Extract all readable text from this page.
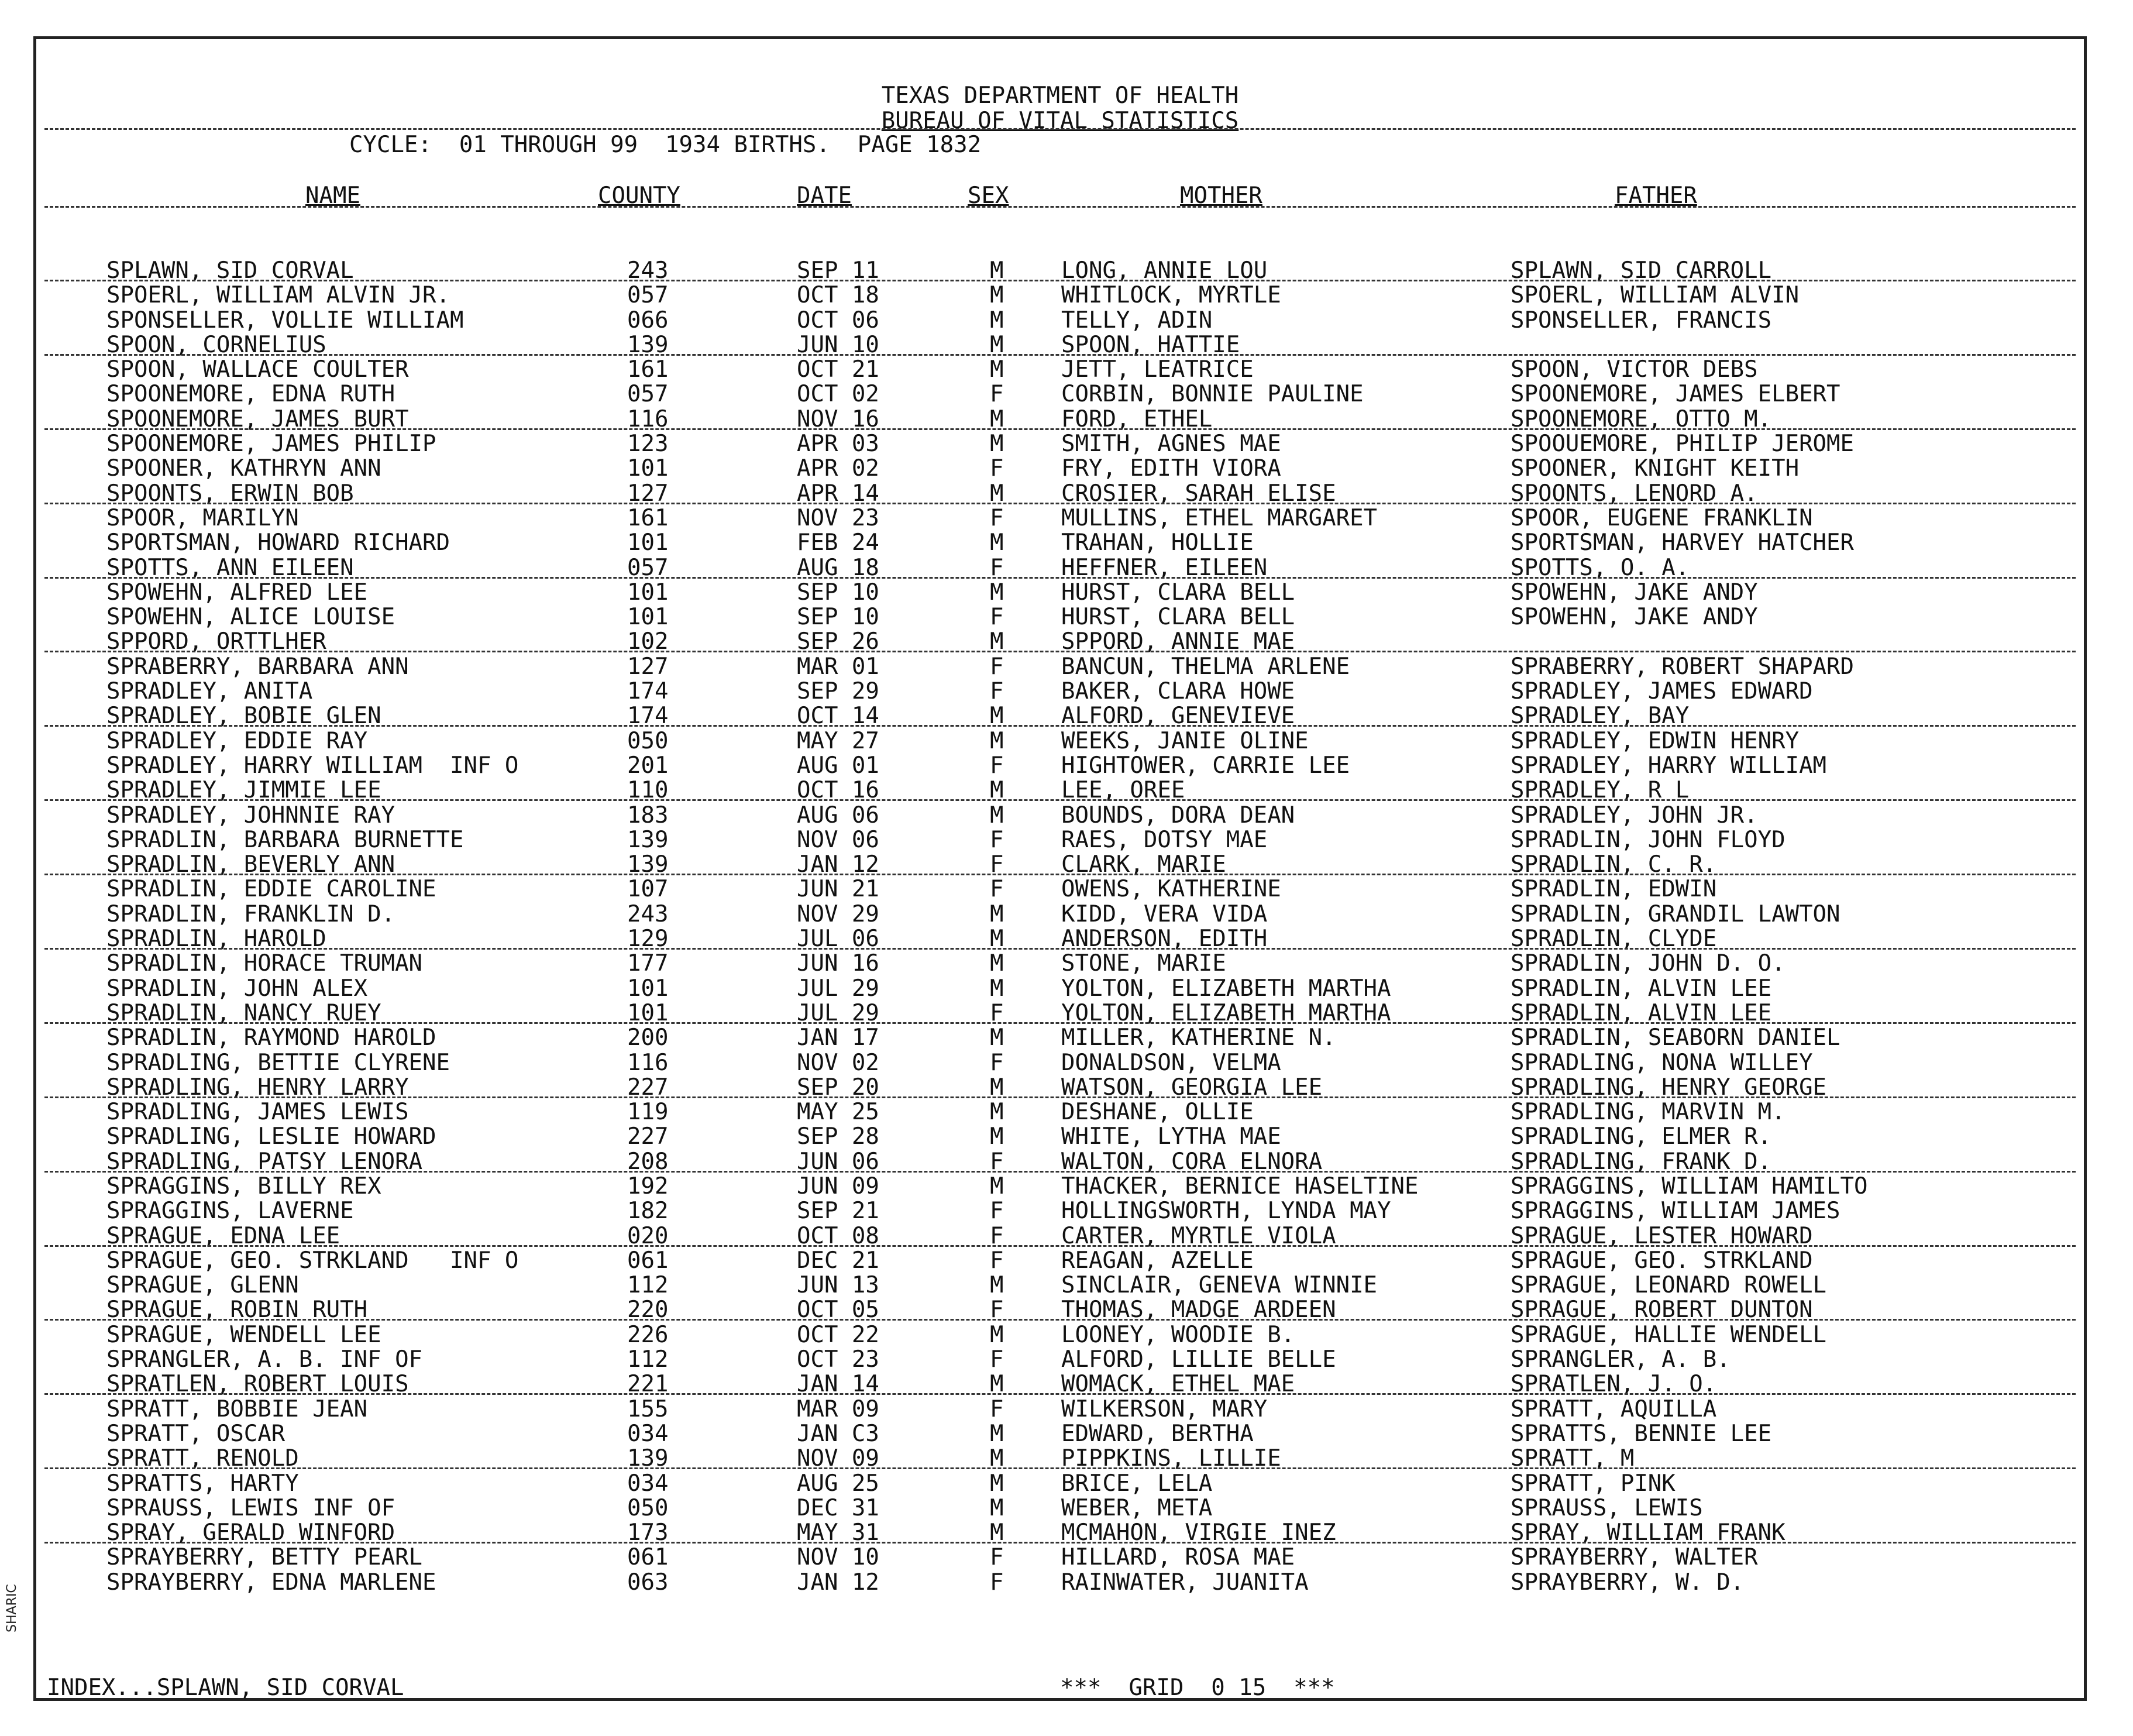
TEXAS DEPARTMENT OF HEALTH
BUREAU OF VITAL STATISTICS
CYCLE:  01 THROUGH 99  1934 BIRTHS.  PAGE 1832
NAME	COUNTY	DATE	SEX	MOTHER	FATHER
SPLAWN, SID CORVAL	243	SEP 11	M	LONG, ANNIE LOU	SPLAWN, SID CARROLL
SPOERL, WILLIAM ALVIN JR.	057	OCT 18	M	WHITLOCK, MYRTLE	SPOERL, WILLIAM ALVIN
SPONSELLER, VOLLIE WILLIAM	066	OCT 06	M	TELLY, ADIN	SPONSELLER, FRANCIS
SPOON, CORNELIUS	139	JUN 10	M	SPOON, HATTIE
SPOON, WALLACE COULTER	161	OCT 21	M	JETT, LEATRICE	SPOON, VICTOR DEBS
SPOONEMORE, EDNA RUTH	057	OCT 02	F	CORBIN, BONNIE PAULINE	SPOONEMORE, JAMES ELBERT
SPOONEMORE, JAMES BURT	116	NOV 16	M	FORD, ETHEL	SPOONEMORE, OTTO M.
SPOONEMORE, JAMES PHILIP	123	APR 03	M	SMITH, AGNES MAE	SPOOUEMORE, PHILIP JEROME
SPOONER, KATHRYN ANN	101	APR 02	F	FRY, EDITH VIORA	SPOONER, KNIGHT KEITH
SPOONTS, ERWIN BOB	127	APR 14	M	CROSIER, SARAH ELISE	SPOONTS, LENORD A.
SPOOR, MARILYN	161	NOV 23	F	MULLINS, ETHEL MARGARET	SPOOR, EUGENE FRANKLIN
SPORTSMAN, HOWARD RICHARD	101	FEB 24	M	TRAHAN, HOLLIE	SPORTSMAN, HARVEY HATCHER
SPOTTS, ANN EILEEN	057	AUG 18	F	HEFFNER, EILEEN	SPOTTS, O. A.
SPOWEHN, ALFRED LEE	101	SEP 10	M	HURST, CLARA BELL	SPOWEHN, JAKE ANDY
SPOWEHN, ALICE LOUISE	101	SEP 10	F	HURST, CLARA BELL	SPOWEHN, JAKE ANDY
SPPORD, ORTTLHER	102	SEP 26	M	SPPORD, ANNIE MAE
SPRABERRY, BARBARA ANN	127	MAR 01	F	BANCUN, THELMA ARLENE	SPRABERRY, ROBERT SHAPARD
SPRADLEY, ANITA	174	SEP 29	F	BAKER, CLARA HOWE	SPRADLEY, JAMES EDWARD
SPRADLEY, BOBIE GLEN	174	OCT 14	M	ALFORD, GENEVIEVE	SPRADLEY, BAY
SPRADLEY, EDDIE RAY	050	MAY 27	M	WEEKS, JANIE OLINE	SPRADLEY, EDWIN HENRY
SPRADLEY, HARRY WILLIAM  INF O	201	AUG 01	F	HIGHTOWER, CARRIE LEE	SPRADLEY, HARRY WILLIAM
SPRADLEY, JIMMIE LEE	110	OCT 16	M	LEE, OREE	SPRADLEY, R L
SPRADLEY, JOHNNIE RAY	183	AUG 06	M	BOUNDS, DORA DEAN	SPRADLEY, JOHN JR.
SPRADLIN, BARBARA BURNETTE	139	NOV 06	F	RAES, DOTSY MAE	SPRADLIN, JOHN FLOYD
SPRADLIN, BEVERLY ANN	139	JAN 12	F	CLARK, MARIE	SPRADLIN, C. R.
SPRADLIN, EDDIE CAROLINE	107	JUN 21	F	OWENS, KATHERINE	SPRADLIN, EDWIN
SPRADLIN, FRANKLIN D.	243	NOV 29	M	KIDD, VERA VIDA	SPRADLIN, GRANDIL LAWTON
SPRADLIN, HAROLD	129	JUL 06	M	ANDERSON, EDITH	SPRADLIN, CLYDE
SPRADLIN, HORACE TRUMAN	177	JUN 16	M	STONE, MARIE	SPRADLIN, JOHN D. O.
SPRADLIN, JOHN ALEX	101	JUL 29	M	YOLTON, ELIZABETH MARTHA	SPRADLIN, ALVIN LEE
SPRADLIN, NANCY RUEY	101	JUL 29	F	YOLTON, ELIZABETH MARTHA	SPRADLIN, ALVIN LEE
SPRADLIN, RAYMOND HAROLD	200	JAN 17	M	MILLER, KATHERINE N.	SPRADLIN, SEABORN DANIEL
SPRADLING, BETTIE CLYRENE	116	NOV 02	F	DONALDSON, VELMA	SPRADLING, NONA WILLEY
SPRADLING, HENRY LARRY	227	SEP 20	M	WATSON, GEORGIA LEE	SPRADLING, HENRY GEORGE
SPRADLING, JAMES LEWIS	119	MAY 25	M	DESHANE, OLLIE	SPRADLING, MARVIN M.
SPRADLING, LESLIE HOWARD	227	SEP 28	M	WHITE, LYTHA MAE	SPRADLING, ELMER R.
SPRADLING, PATSY LENORA	208	JUN 06	F	WALTON, CORA ELNORA	SPRADLING, FRANK D.
SPRAGGINS, BILLY REX	192	JUN 09	M	THACKER, BERNICE HASELTINE	SPRAGGINS, WILLIAM HAMILTO
SPRAGGINS, LAVERNE	182	SEP 21	F	HOLLINGSWORTH, LYNDA MAY	SPRAGGINS, WILLIAM JAMES
SPRAGUE, EDNA LEE	020	OCT 08	F	CARTER, MYRTLE VIOLA	SPRAGUE, LESTER HOWARD
SPRAGUE, GEO. STRKLAND   INF O	061	DEC 21	F	REAGAN, AZELLE	SPRAGUE, GEO. STRKLAND
SPRAGUE, GLENN	112	JUN 13	M	SINCLAIR, GENEVA WINNIE	SPRAGUE, LEONARD ROWELL
SPRAGUE, ROBIN RUTH	220	OCT 05	F	THOMAS, MADGE ARDEEN	SPRAGUE, ROBERT DUNTON
SPRAGUE, WENDELL LEE	226	OCT 22	M	LOONEY, WOODIE B.	SPRAGUE, HALLIE WENDELL
SPRANGLER, A. B. INF OF	112	OCT 23	F	ALFORD, LILLIE BELLE	SPRANGLER, A. B.
SPRATLEN, ROBERT LOUIS	221	JAN 14	M	WOMACK, ETHEL MAE	SPRATLEN, J. O.
SPRATT, BOBBIE JEAN	155	MAR 09	F	WILKERSON, MARY	SPRATT, AQUILLA
SPRATT, OSCAR	034	JAN C3	M	EDWARD, BERTHA	SPRATTS, BENNIE LEE
SPRATT, RENOLD	139	NOV 09	M	PIPPKINS, LILLIE	SPRATT, M
SPRATTS, HARTY	034	AUG 25	M	BRICE, LELA	SPRATT, PINK
SPRAUSS, LEWIS INF OF	050	DEC 31	M	WEBER, META	SPRAUSS, LEWIS
SPRAY, GERALD WINFORD	173	MAY 31	M	MCMAHON, VIRGIE INEZ	SPRAY, WILLIAM FRANK
SPRAYBERRY, BETTY PEARL	061	NOV 10	F	HILLARD, ROSA MAE	SPRAYBERRY, WALTER
SPRAYBERRY, EDNA MARLENE	063	JAN 12	F	RAINWATER, JUANITA	SPRAYBERRY, W. D.
INDEX...SPLAWN, SID CORVAL	***  GRID  0 15  ***
SHARIC
